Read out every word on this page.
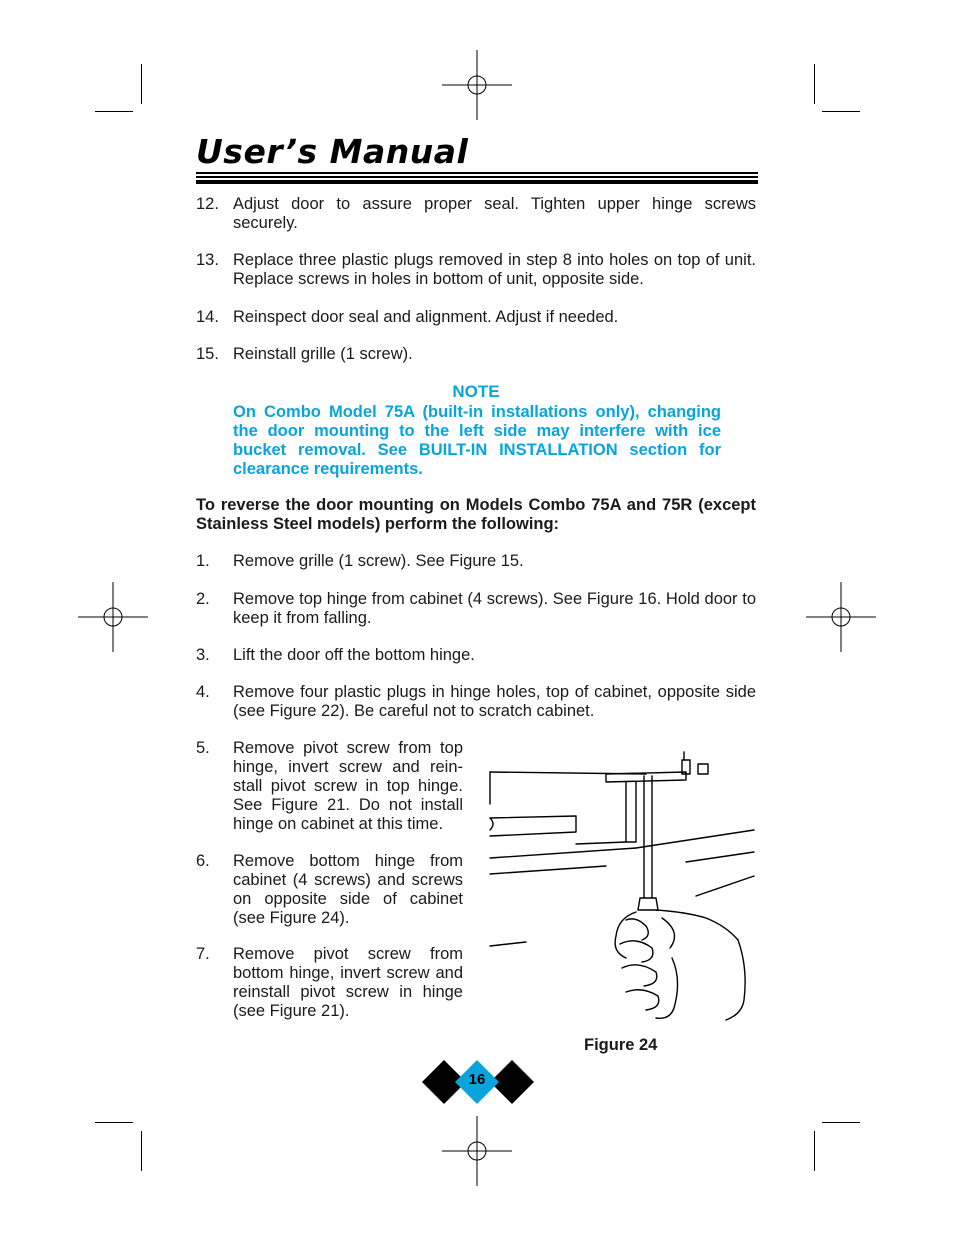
User’s Manual
12. Adjust door to assure proper seal. Tighten upper hinge screws securely.
13. Replace three plastic plugs removed in step 8 into holes on top of unit. Replace screws in holes in bottom of unit, opposite side.
14. Reinspect door seal and alignment. Adjust if needed.
15. Reinstall grille (1 screw).
NOTE
On Combo Model 75A (built-in installations only), changing the door mounting to the left side may interfere with ice bucket removal. See BUILT-IN INSTALLATION section for clearance requirements.
To reverse the door mounting on Models Combo 75A and 75R (except Stainless Steel models) perform the following:
1.	Remove grille (1 screw). See Figure 15.
2.	Remove top hinge from cabinet (4 screws). See Figure 16. Hold door to keep it from falling.
3.	Lift the door off the bottom hinge.
4.	Remove four plastic plugs in hinge holes, top of cabinet, opposite side (see Figure 22). Be careful not to scratch cabinet.
5.	Remove pivot screw from top hinge, invert screw and rein-stall pivot screw in top hinge. See Figure 21. Do not install hinge on cabinet at this time.
6.	Remove bottom hinge from cabinet (4 screws) and screws on opposite side of cabinet (see Figure 24).
7.	Remove pivot screw from bottom hinge, invert screw and reinstall pivot screw in hinge (see Figure 21).
Figure 24
16
